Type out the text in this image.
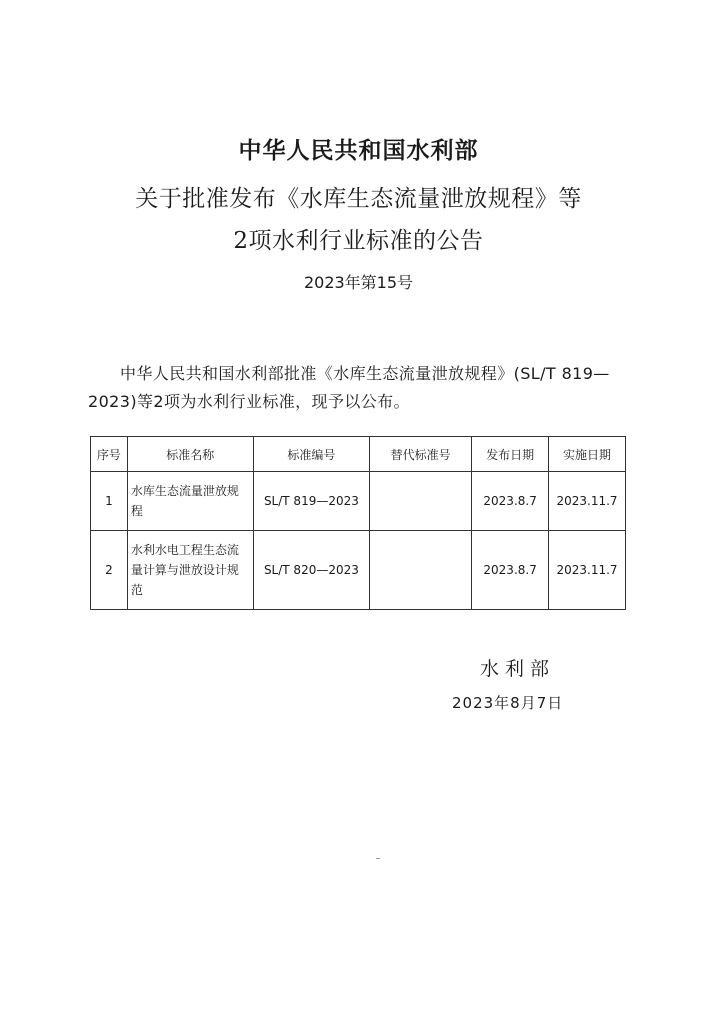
中华人民共和国水利部
关于批准发布《水库生态流量泄放规程》等
2项水利行业标准的公告
2023年第15号

中华人民共和国水利部批准《水库生态流量泄放规程》(SL/T 819—2023)等2项为水利行业标准，现予以公布。

序号	标准名称	标准编号	替代标准号	发布日期	实施日期
1	水库生态流量泄放规程	SL/T 819—2023		2023.8.7	2023.11.7
2	水利水电工程生态流量计算与泄放设计规范	SL/T 820—2023		2023.8.7	2023.11.7
水利部
2023年8月7日
